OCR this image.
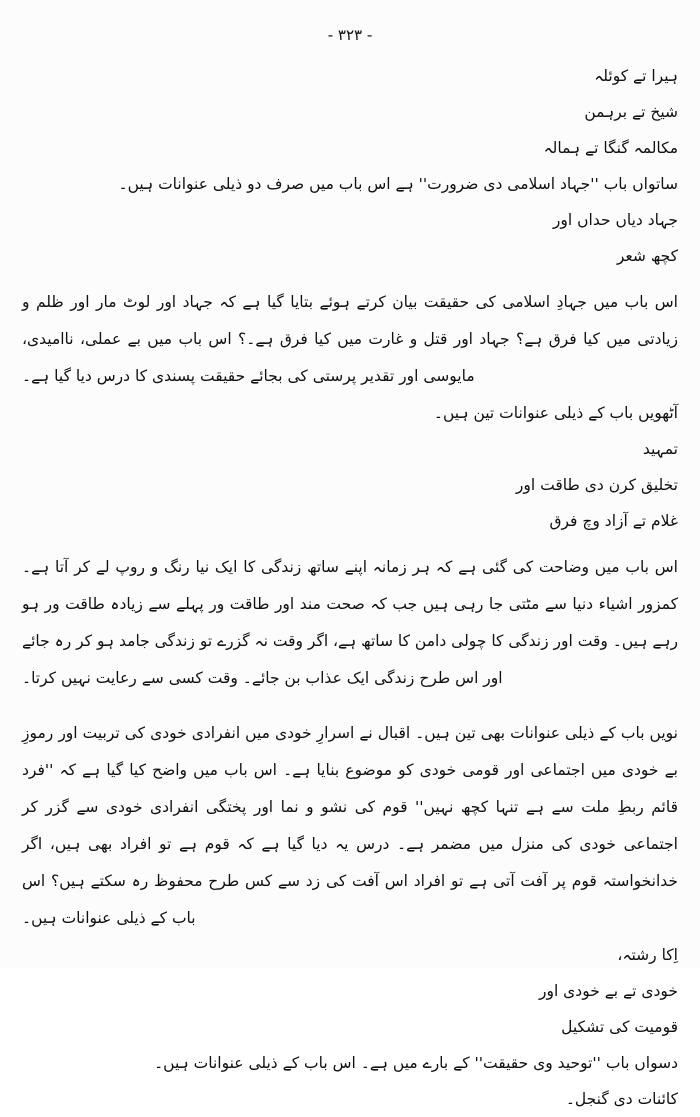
- ۳۲۳ -
ہیرا تے کوئلہ
شیخ تے برہمن
مکالمہ گنگا تے ہمالہ
ساتواں باب ''جہاد اسلامی دی ضرورت'' ہے اس باب میں صرف دو ذیلی عنوانات ہیں۔
جہاد دیاں حداں اور
کچھ شعر

اس باب میں جہادِ اسلامی کی حقیقت بیان کرتے ہوئے بتایا گیا ہے کہ جہاد اور لوٹ مار اور ظلم و زیادتی میں کیا فرق ہے؟ جہاد اور قتل و غارت میں کیا فرق ہے۔؟ اس باب میں بے عملی، ناامیدی، مایوسی اور تقدیر پرستی کی بجائے حقیقت پسندی کا درس دیا گیا ہے۔

آٹھویں باب کے ذیلی عنوانات تین ہیں۔
تمہید
تخلیق کرن دی طاقت اور
غلام تے آزاد وچ فرق

اس باب میں وضاحت کی گئی ہے کہ ہر زمانہ اپنے ساتھ زندگی کا ایک نیا رنگ و روپ لے کر آتا ہے۔ کمزور اشیاء دنیا سے مٹتی جا رہی ہیں جب کہ صحت مند اور طاقت ور پہلے سے زیادہ طاقت ور ہو رہے ہیں۔ وقت اور زندگی کا چولی دامن کا ساتھ ہے، اگر وقت نہ گزرے تو زندگی جامد ہو کر رہ جائے اور اس طرح زندگی ایک عذاب بن جائے۔ وقت کسی سے رعایت نہیں کرتا۔

نویں باب کے ذیلی عنوانات بھی تین ہیں۔ اقبال نے اسرارِ خودی میں انفرادی خودی کی تربیت اور رموزِ بے خودی میں اجتماعی اور قومی خودی کو موضوع بنایا ہے۔ اس باب میں واضح کیا گیا ہے کہ ''فرد قائم ربطِ ملت سے ہے تنہا کچھ نہیں'' قوم کی نشو و نما اور پختگی انفرادی خودی سے گزر کر اجتماعی خودی کی منزل میں مضمر ہے۔ درس یہ دیا گیا ہے کہ قوم ہے تو افراد بھی ہیں، اگر خدانخواستہ قوم پر آفت آتی ہے تو افراد اس آفت کی زد سے کس طرح محفوظ رہ سکتے ہیں؟ اس باب کے ذیلی عنوانات ہیں۔

اِکا رشتہ،
خودی تے بے خودی اور
قومیت کی تشکیل
دسواں باب ''توحید وی حقیقت'' کے بارے میں ہے۔ اس باب کے ذیلی عنوانات ہیں۔
کائنات دی گنجل۔
